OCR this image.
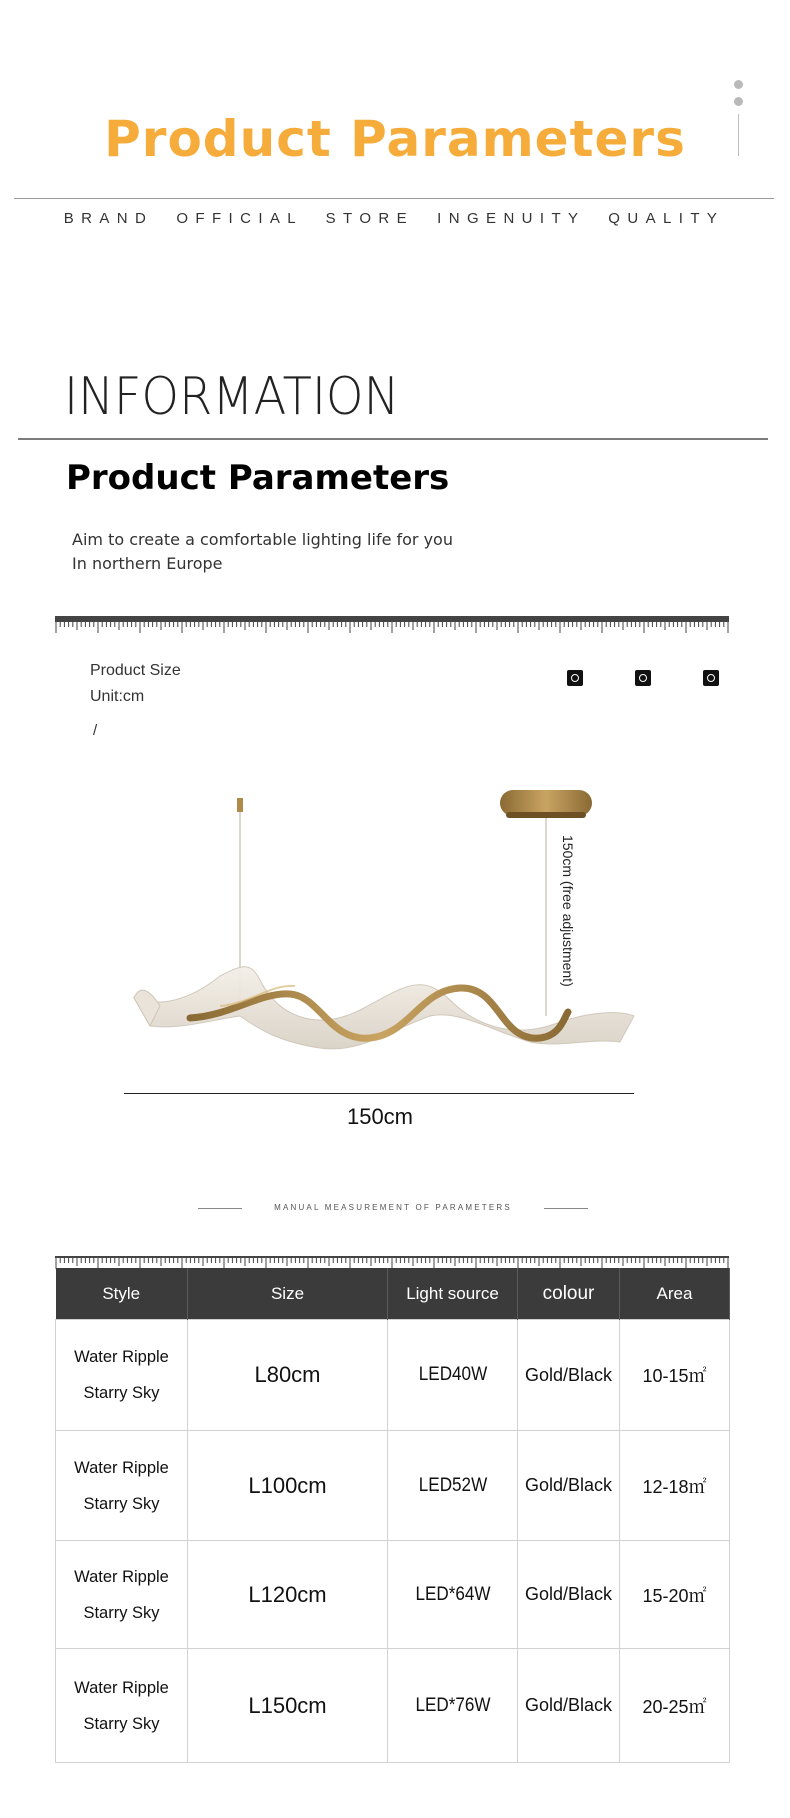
Product Parameters
BRAND  OFFICIAL  STORE  INGENUITY  QUALITY
INFORMATION
Product Parameters
Aim to create a comfortable lighting life for you
In northern Europe
Product Size
Unit:cm
/
150cm (free adjustment)
150cm
MANUAL MEASUREMENT OF PARAMETERS
Style	Size	Light source	colour	Area

Water Ripple
Starry Sky	L80cm	LED40W	Gold/Black	10-15㎡

Water Ripple
Starry Sky	L100cm	LED52W	Gold/Black	12-18㎡

Water Ripple
Starry Sky	L120cm	LED*64W	Gold/Black	15-20㎡

Water Ripple
Starry Sky	L150cm	LED*76W	Gold/Black	20-25㎡
